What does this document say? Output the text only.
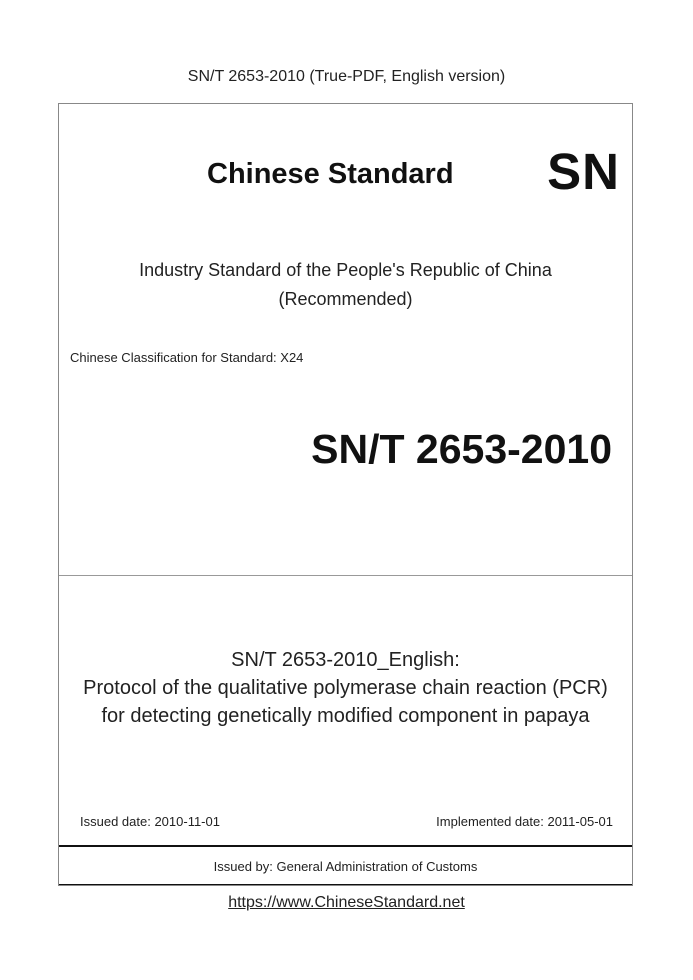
SN/T 2653-2010 (True-PDF, English version)
Chinese Standard SN
Industry Standard of the People's Republic of China
(Recommended)
Chinese Classification for Standard: X24
SN/T 2653-2010
SN/T 2653-2010_English:
Protocol of the qualitative polymerase chain reaction (PCR)
for detecting genetically modified component in papaya
Issued date: 2010-11-01	Implemented date: 2011-05-01
Issued by: General Administration of Customs
https://www.ChineseStandard.net
